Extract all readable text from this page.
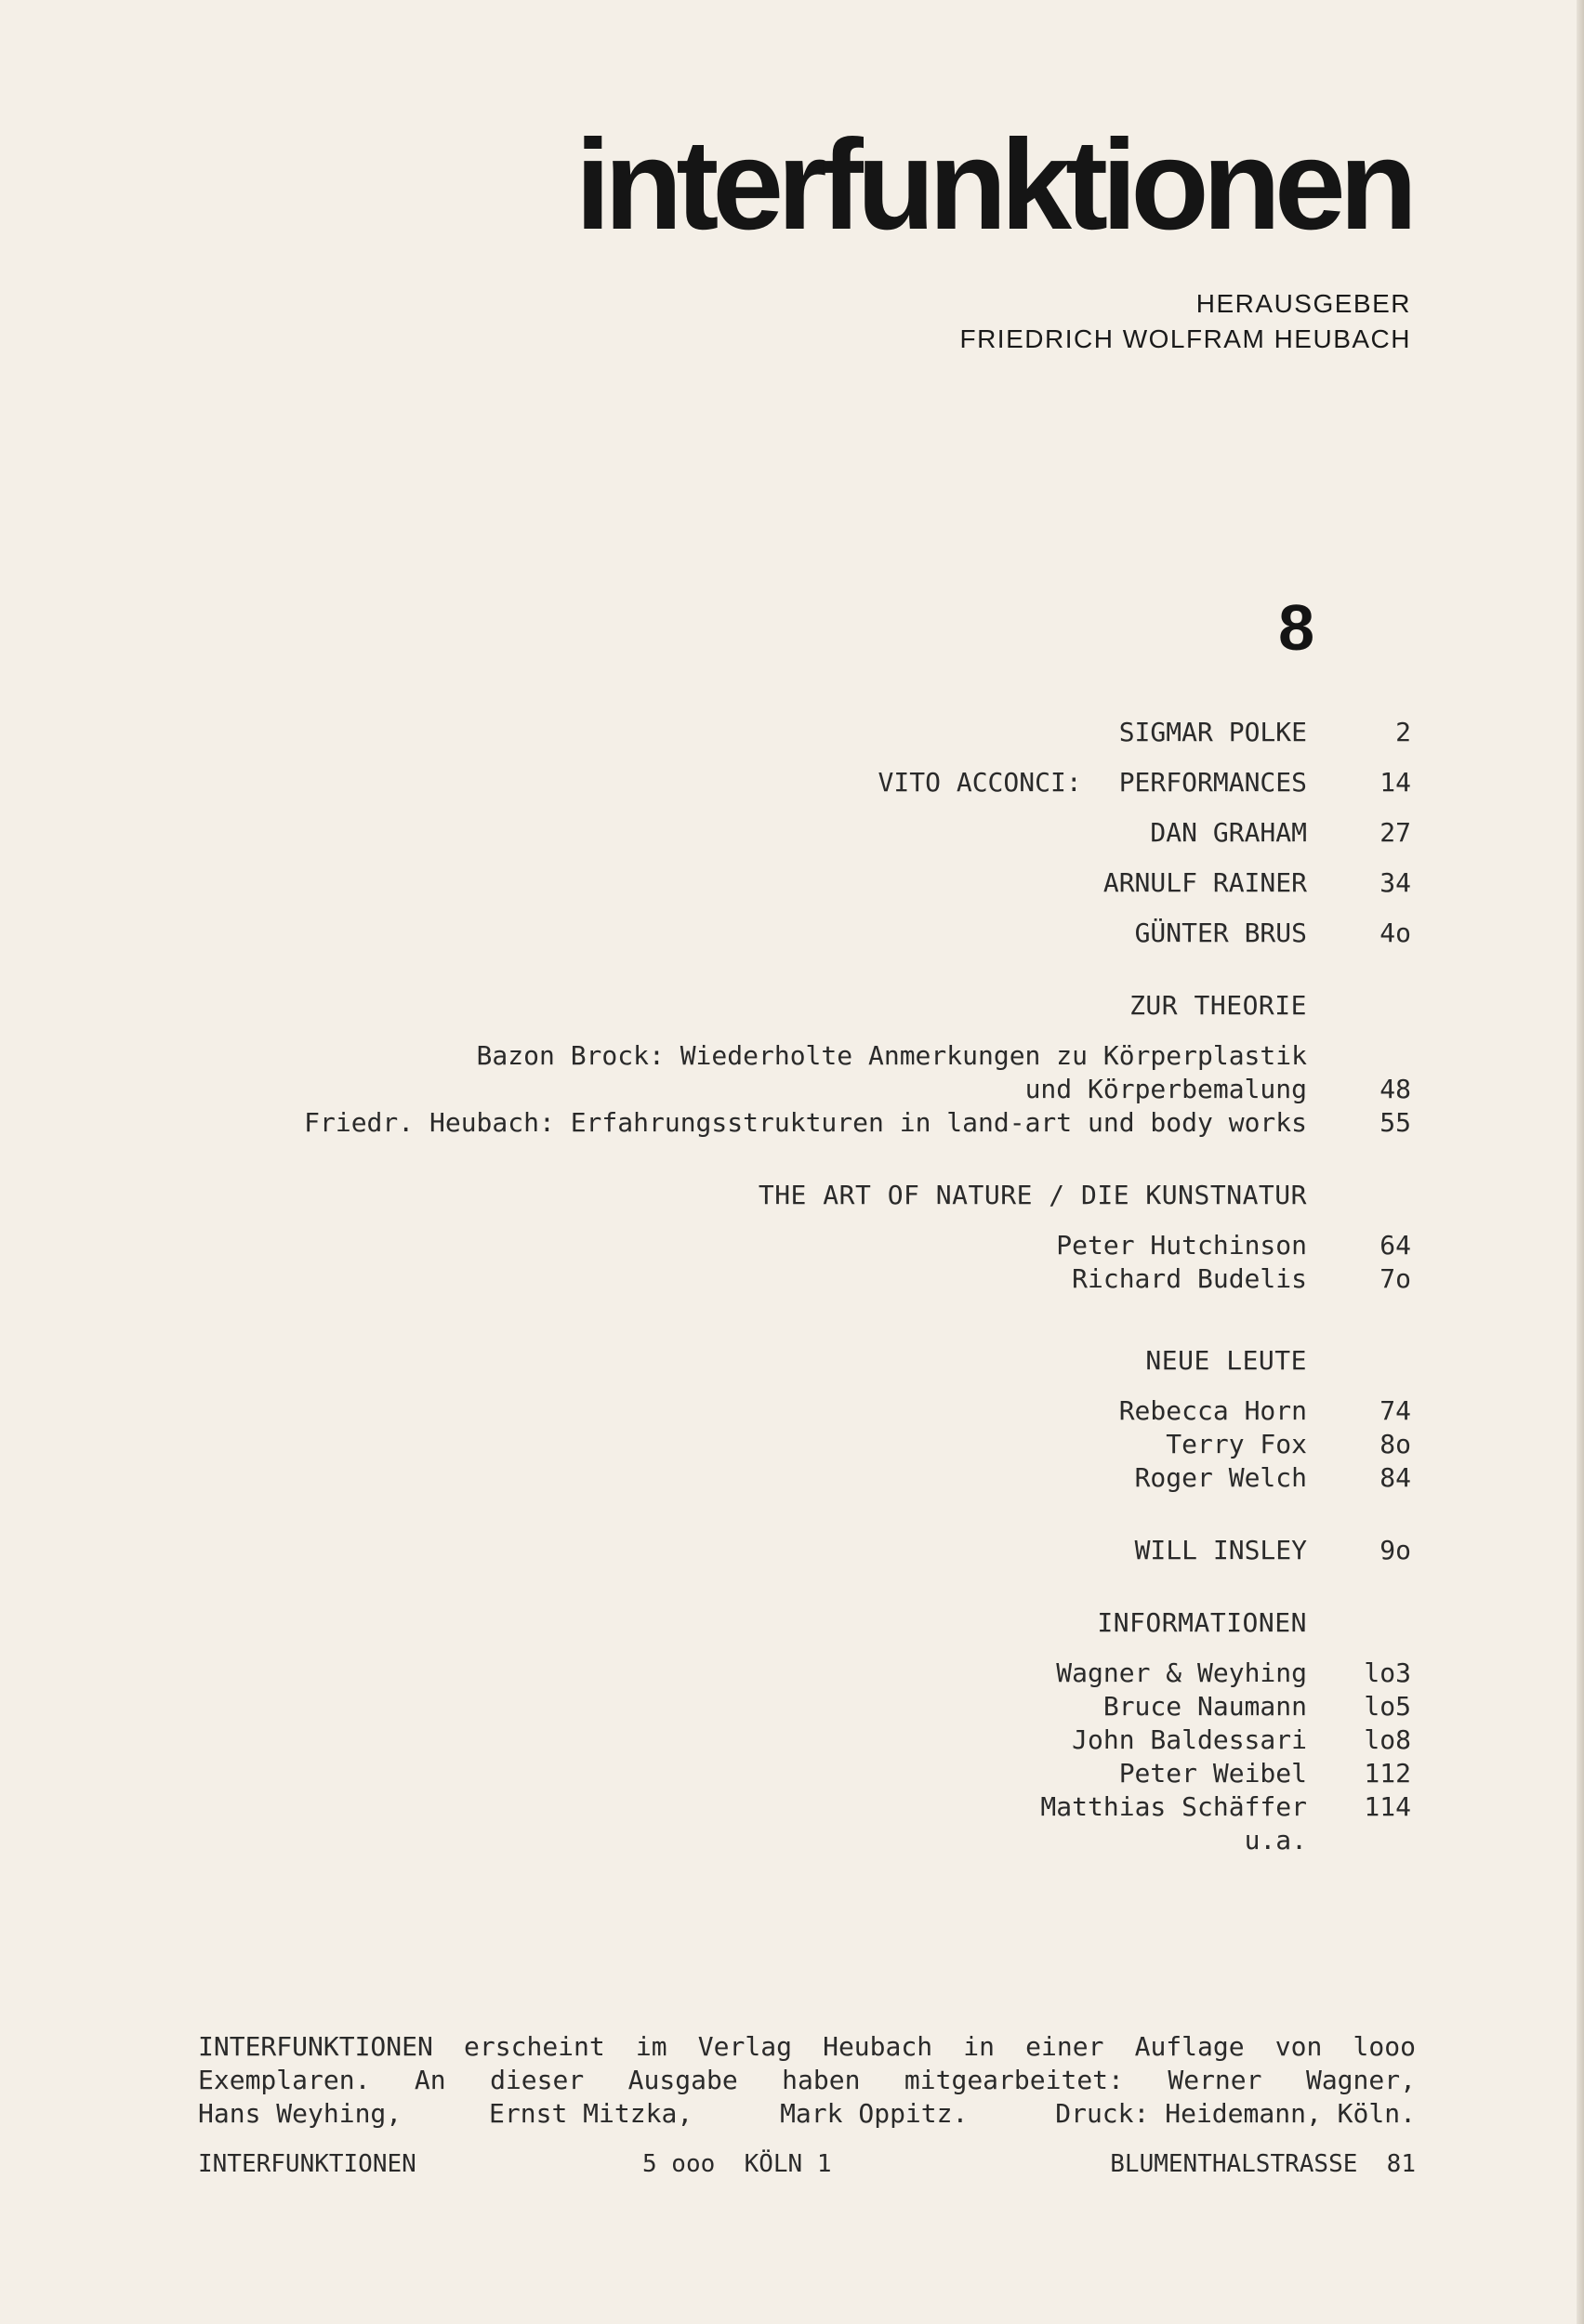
interfunktionen
HERAUSGEBER
FRIEDRICH WOLFRAM HEUBACH
8
SIGMAR POLKE	2
VITO ACCONCI: PERFORMANCES	14
DAN GRAHAM	27
ARNULF RAINER	34
GÜNTER BRUS	4o
ZUR THEORIE
Bazon Brock: Wiederholte Anmerkungen zu Körperplastik
und Körperbemalung	48
Friedr. Heubach: Erfahrungsstrukturen in land-art und body works	55
THE ART OF NATURE / DIE KUNSTNATUR
Peter Hutchinson	64
Richard Budelis	7o
NEUE LEUTE
Rebecca Horn	74
Terry Fox	8o
Roger Welch	84
WILL INSLEY	9o
INFORMATIONEN
Wagner & Weyhing	lo3
Bruce Naumann	lo5
John Baldessari	lo8
Peter Weibel	112
Matthias Schäffer	114
u.a.
INTERFUNKTIONEN erscheint im Verlag Heubach in einer Auflage von looo
Exemplaren. An dieser Ausgabe haben mitgearbeitet: Werner Wagner,
Hans Weyhing,	Ernst Mitzka,	Mark Oppitz.	Druck: Heidemann, Köln.
INTERFUNKTIONEN	5 ooo  KÖLN 1	BLUMENTHALSTRASSE  81
